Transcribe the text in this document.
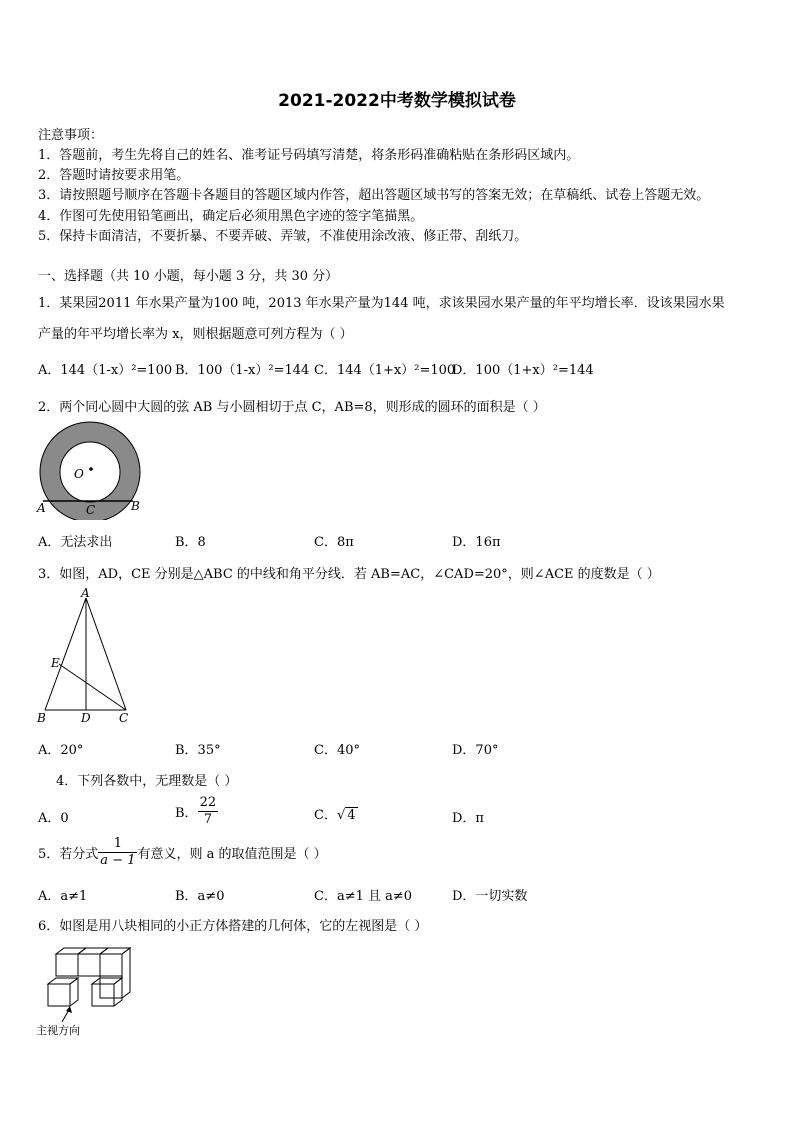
2021-2022中考数学模拟试卷
注意事项：
1．答题前，考生先将自己的姓名、准考证号码填写清楚，将条形码准确粘贴在条形码区域内。
2．答题时请按要求用笔。
3．请按照题号顺序在答题卡各题目的答题区域内作答，超出答题区域书写的答案无效；在草稿纸、试卷上答题无效。
4．作图可先使用铅笔画出，确定后必须用黑色字迹的签字笔描黑。
5．保持卡面清洁，不要折暴、不要弄破、弄皱，不准使用涂改液、修正带、刮纸刀。
一、选择题（共 10 小题，每小题 3 分，共 30 分）
1．某果园2011 年水果产量为100 吨，2013 年水果产量为144 吨，求该果园水果产量的年平均增长率．设该果园水果
产量的年平均增长率为 x，则根据题意可列方程为（ ）
A．144（1-x）²=100 B．100（1-x）²=144 C．144（1+x）²=100
D．100（1+x）²=144
2．两个同心圆中大圆的弦 AB 与小圆相切于点 C，AB=8，则形成的圆环的面积是（ ）
O
A	B
C
A．无法求出	B．8	C．8π	D．16π
3．如图，AD，CE 分别是△ABC 的中线和角平分线．若 AB=AC，∠CAD=20°，则∠ACE 的度数是（ ）
A
E
B	D C
A．20°	B．35°	C．40°	D．70°
4．下列各数中，无理数是（ ）
A．0	B． $\frac{22}{7}$	C．√ 4	D．π
5．若分式 $\frac{1}{a - 1}$ 有意义，则 a 的取值范围是（ ）
A．a≠1	B．a≠0	C．a≠1 且 a≠0	D．一切实数
6．如图是用八块相同的小正方体搭建的几何体，它的左视图是（ ）
主视方向
